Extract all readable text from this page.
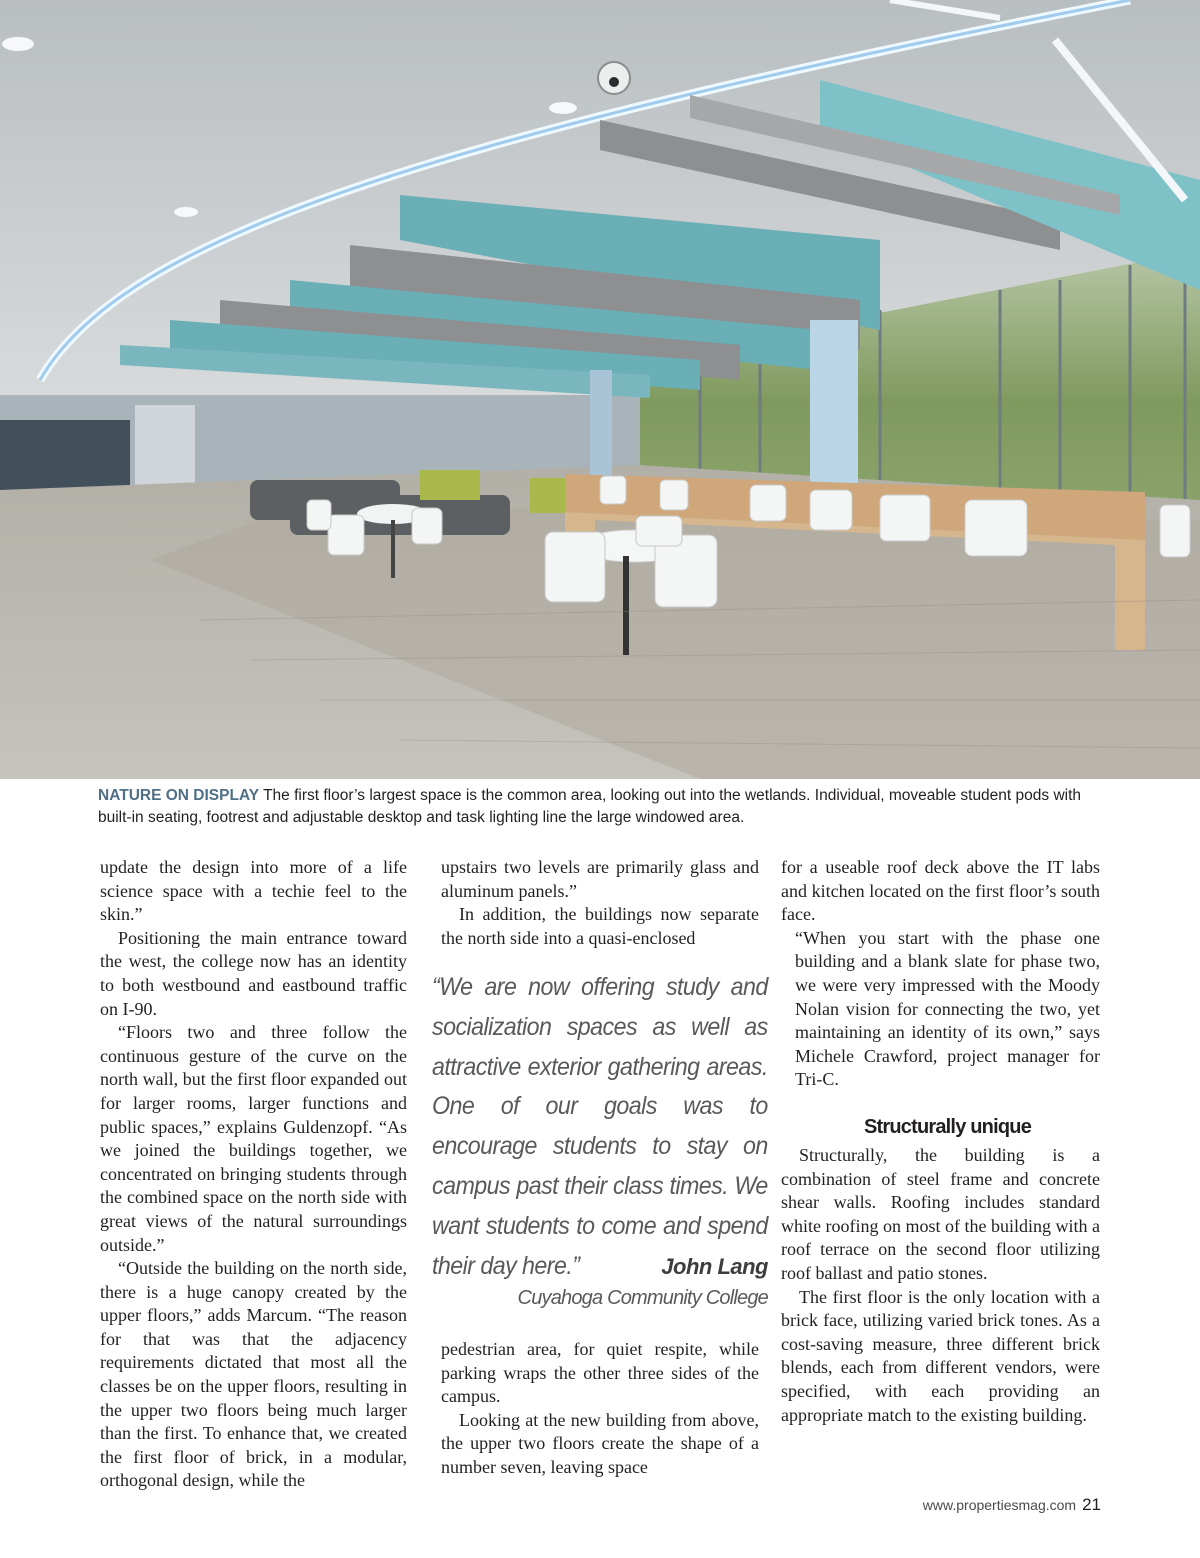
NATURE ON DISPLAY The first floor’s largest space is the common area, looking out into the wetlands. Individual, moveable student pods with built-in seating, footrest and adjustable desktop and task lighting line the large windowed area.

update the design into more of a life science space with a techie feel to the skin.”

Positioning the main entrance toward the west, the college now has an identity to both westbound and eastbound traffic on I-90.

“Floors two and three follow the continuous gesture of the curve on the north wall, but the first floor expanded out for larger rooms, larger functions and public spaces,” explains Guldenzopf. “As we joined the buildings together, we concentrated on bringing students through the combined space on the north side with great views of the natural surroundings outside.”

“Outside the building on the north side, there is a huge canopy created by the upper floors,” adds Marcum. “The reason for that was that the adjacency requirements dictated that most all the classes be on the upper floors, resulting in the upper two floors being much larger than the first. To enhance that, we created the first floor of brick, in a modular, orthogonal design, while the

upstairs two levels are primarily glass and aluminum panels.”

In addition, the buildings now separate the north side into a quasi-enclosed

“We are now offering study and socialization spaces as well as attractive exterior gathering areas. One of our goals was to encourage students to stay on campus past their class times. We want students to come and spend their day here.”	John Lang
Cuyahoga Community College

pedestrian area, for quiet respite, while parking wraps the other three sides of the campus.

Looking at the new building from above, the upper two floors create the shape of a number seven, leaving space

for a useable roof deck above the IT labs and kitchen located on the first floor’s south face.

“When you start with the phase one building and a blank slate for phase two, we were very impressed with the Moody Nolan vision for connecting the two, yet maintaining an identity of its own,” says Michele Crawford, project manager for Tri-C.

Structurally unique

Structurally, the building is a combination of steel frame and concrete shear walls. Roofing includes standard white roofing on most of the building with a roof terrace on the second floor utilizing roof ballast and patio stones.

The first floor is the only location with a brick face, utilizing varied brick tones. As a cost-saving measure, three different brick blends, each from different vendors, were specified, with each providing an appropriate match to the existing building.

www.propertiesmag.com 21
